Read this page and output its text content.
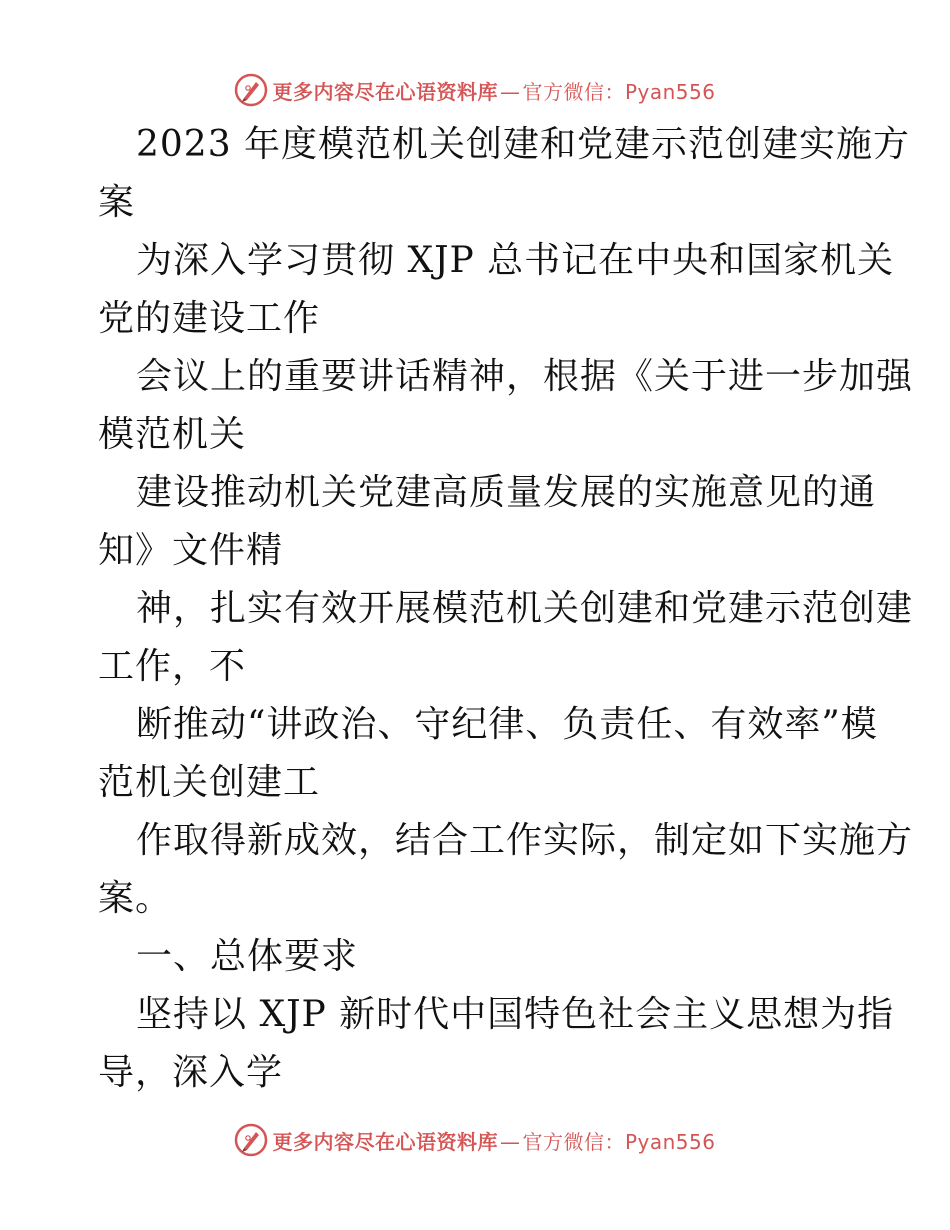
更多内容尽在心语资料库 — 官方微信：Pyan556
2023 年度模范机关创建和党建示范创建实施方
案
为深入学习贯彻 XJP 总书记在中央和国家机关
党的建设工作
会议上的重要讲话精神，根据《关于进一步加强
模范机关
建设推动机关党建高质量发展的实施意见的通
知》文件精
神，扎实有效开展模范机关创建和党建示范创建
工作，不
断推动“讲政治、守纪律、负责任、有效率”模
范机关创建工
作取得新成效，结合工作实际，制定如下实施方
案。
一、总体要求
坚持以 XJP 新时代中国特色社会主义思想为指
导，深入学
更多内容尽在心语资料库 — 官方微信：Pyan556
